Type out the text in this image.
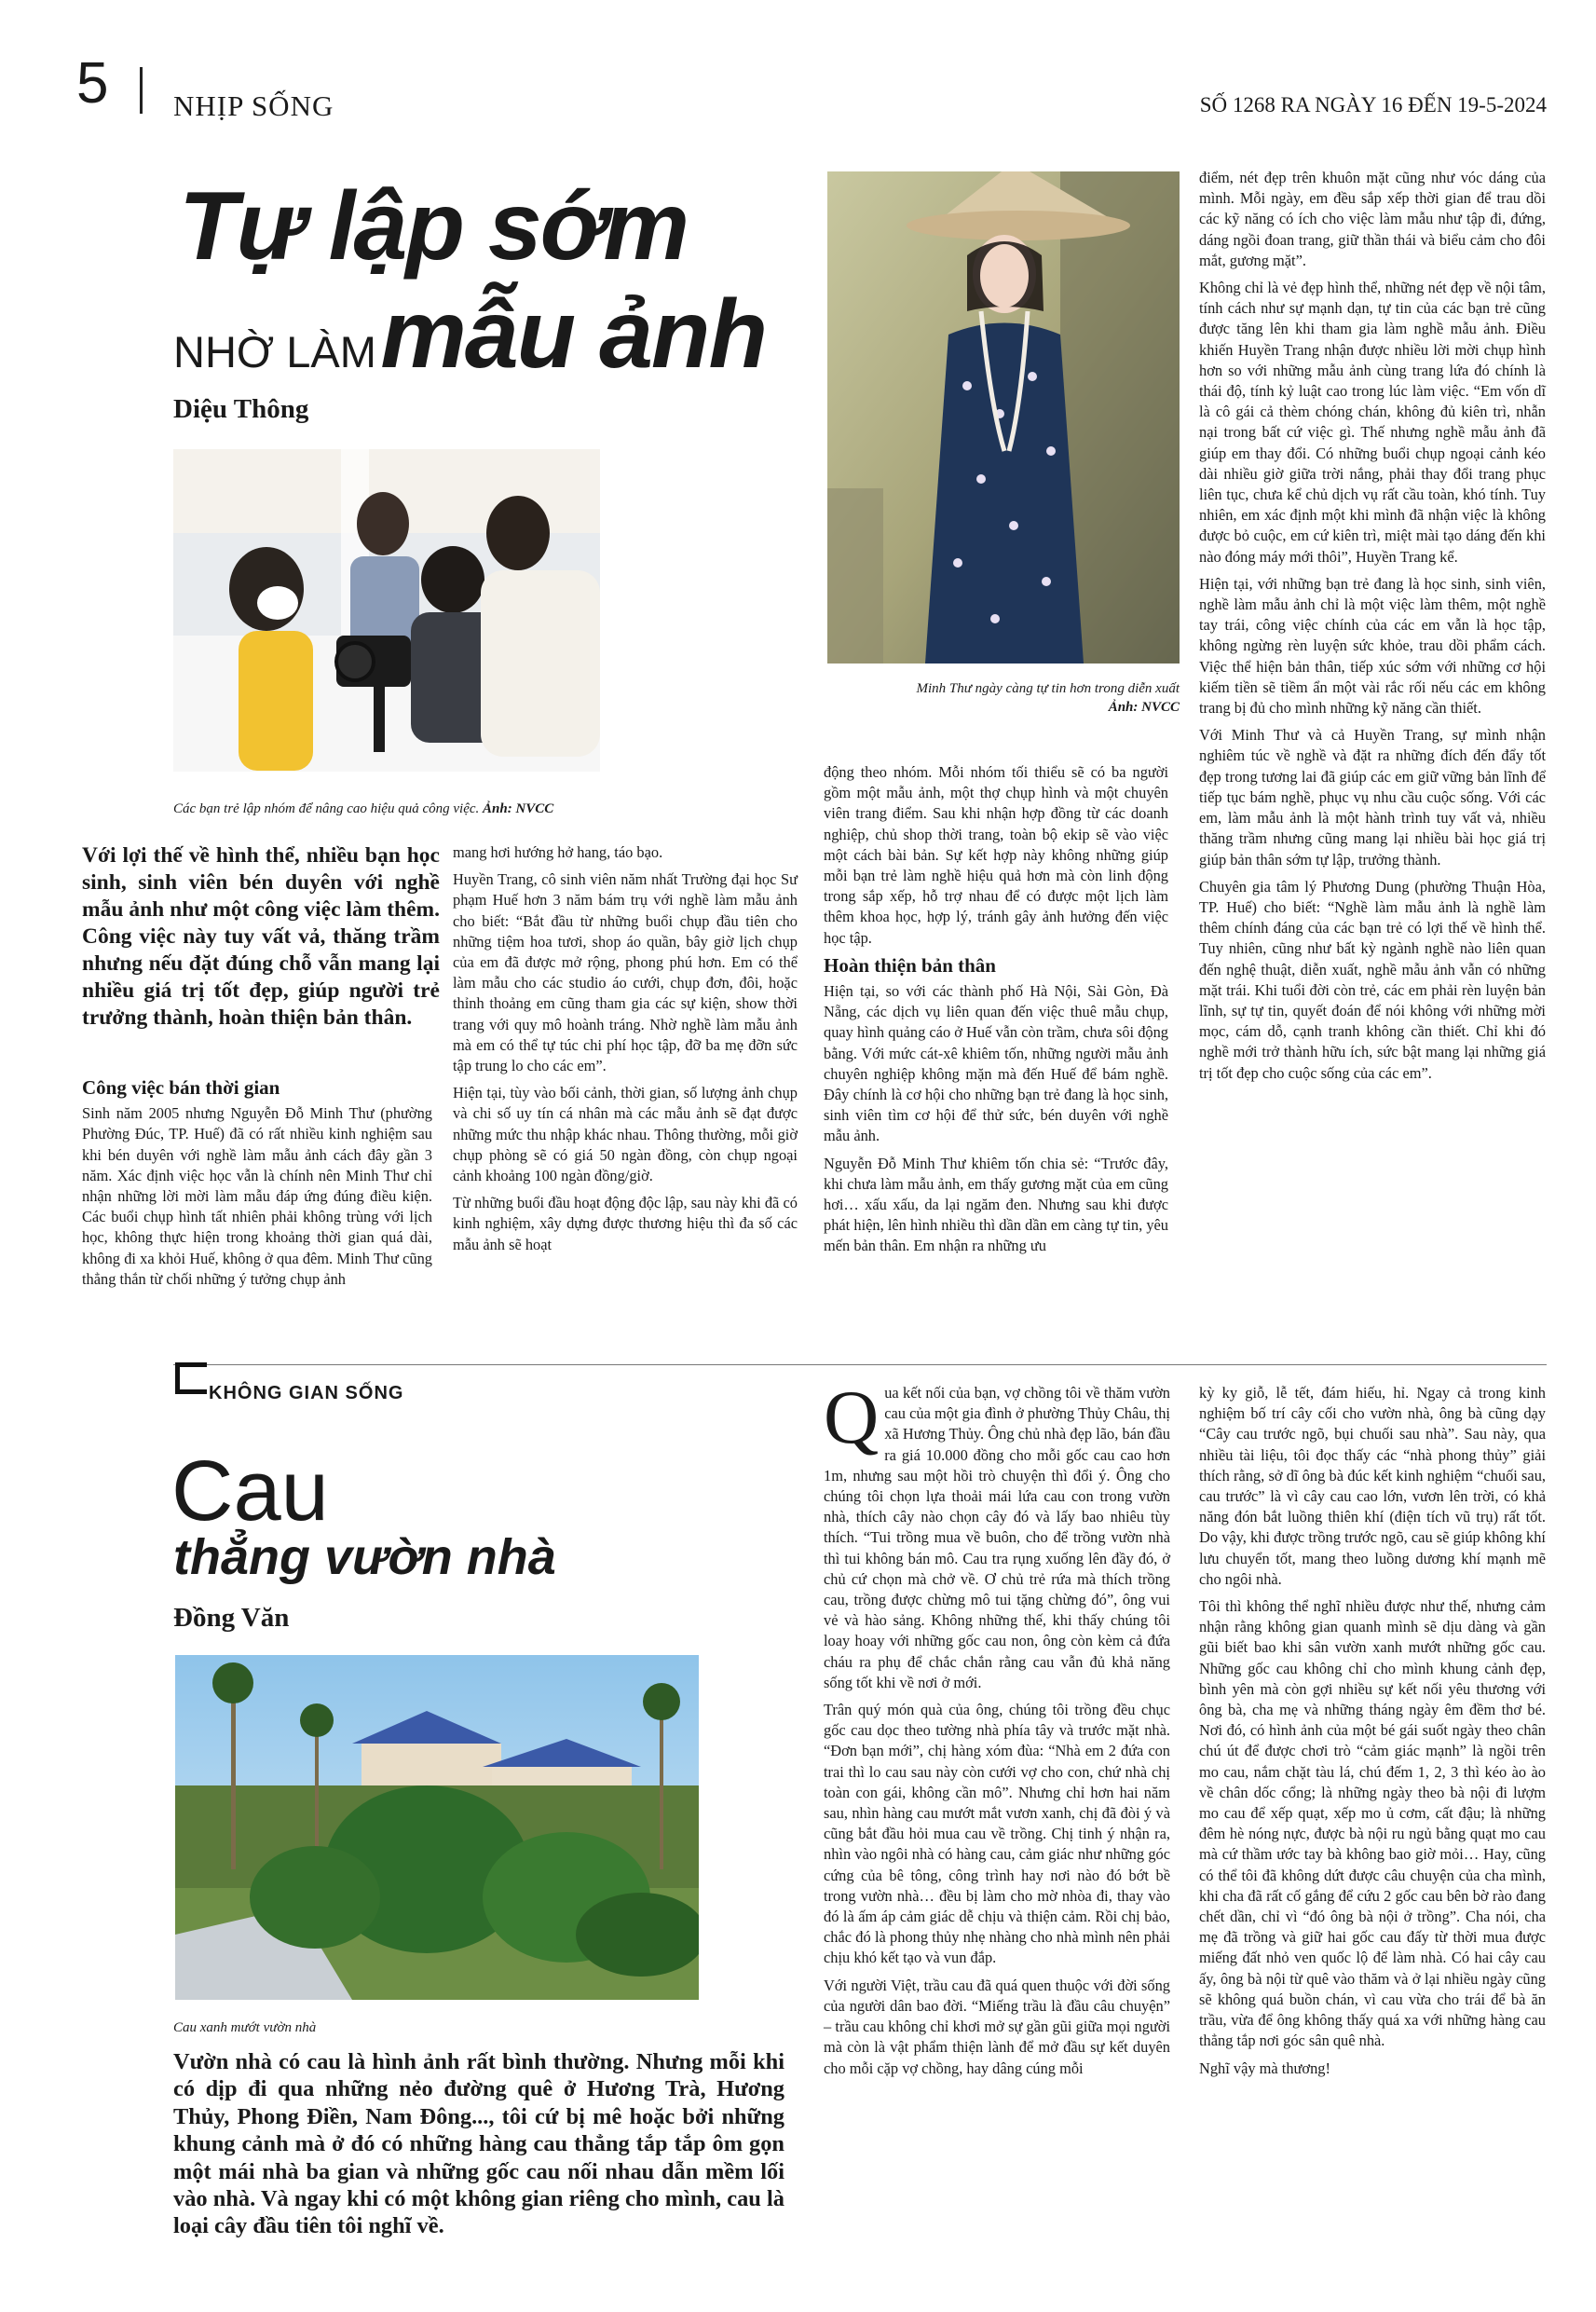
5 NHỊP SỐNG	SỐ 1268 RA NGÀY 16 ĐẾN 19-5-2024
Tự lập sớm
NHỜ LÀM mẫu ảnh
Diệu Thông
Các bạn trẻ lập nhóm để nâng cao hiệu quả công việc. Ảnh: NVCC
Minh Thư ngày càng tự tin hơn trong diễn xuất
Ảnh: NVCC
Với lợi thế về hình thể, nhiều bạn học sinh, sinh viên bén duyên với nghề mẫu ảnh như một công việc làm thêm. Công việc này tuy vất vả, thăng trầm nhưng nếu đặt đúng chỗ vẫn mang lại nhiều giá trị tốt đẹp, giúp người trẻ trưởng thành, hoàn thiện bản thân.
Công việc bán thời gian

Sinh năm 2005 nhưng Nguyễn Đỗ Minh Thư (phường Phường Đúc, TP. Huế) đã có rất nhiều kinh nghiệm sau khi bén duyên với nghề làm mẫu ảnh cách đây gần 3 năm. Xác định việc học vẫn là chính nên Minh Thư chỉ nhận những lời mời làm mẫu đáp ứng đúng điều kiện. Các buổi chụp hình tất nhiên phải không trùng với lịch học, không thực hiện trong khoảng thời gian quá dài, không đi xa khỏi Huế, không ở qua đêm. Minh Thư cũng thẳng thắn từ chối những ý tưởng chụp ảnh

mang hơi hướng hở hang, táo bạo.

Huyền Trang, cô sinh viên năm nhất Trường đại học Sư phạm Huế hơn 3 năm bám trụ với nghề làm mẫu ảnh cho biết: “Bắt đầu từ những buổi chụp đầu tiên cho những tiệm hoa tươi, shop áo quần, bây giờ lịch chụp của em đã được mở rộng, phong phú hơn. Em có thể làm mẫu cho các studio áo cưới, chụp đơn, đôi, hoặc thỉnh thoảng em cũng tham gia các sự kiện, show thời trang với quy mô hoành tráng. Nhờ nghề làm mẫu ảnh mà em có thể tự túc chi phí học tập, đỡ ba mẹ đỡn sức tập trung lo cho các em”.

Hiện tại, tùy vào bối cảnh, thời gian, số lượng ảnh chụp và chi số uy tín cá nhân mà các mẫu ảnh sẽ đạt được những mức thu nhập khác nhau. Thông thường, mỗi giờ chụp phòng sẽ có giá 50 ngàn đồng, còn chụp ngoại cảnh khoảng 100 ngàn đồng/giờ.

Từ những buổi đầu hoạt động độc lập, sau này khi đã có kinh nghiệm, xây dựng được thương hiệu thì đa số các mẫu ảnh sẽ hoạt

động theo nhóm. Mỗi nhóm tối thiểu sẽ có ba người gồm một mẫu ảnh, một thợ chụp hình và một chuyên viên trang điểm. Sau khi nhận hợp đồng từ các doanh nghiệp, chủ shop thời trang, toàn bộ ekip sẽ vào việc một cách bài bản. Sự kết hợp này không những giúp mỗi bạn trẻ làm nghề hiệu quả hơn mà còn linh động trong sắp xếp, hỗ trợ nhau để có được một lịch làm thêm khoa học, hợp lý, tránh gây ảnh hưởng đến việc học tập.

Hoàn thiện bản thân

Hiện tại, so với các thành phố Hà Nội, Sài Gòn, Đà Nẵng, các dịch vụ liên quan đến việc thuê mẫu chụp, quay hình quảng cáo ở Huế vẫn còn trầm, chưa sôi động bằng. Với mức cát-xê khiêm tốn, những người mẫu ảnh chuyên nghiệp không mặn mà đến Huế để bám nghề. Đây chính là cơ hội cho những bạn trẻ đang là học sinh, sinh viên tìm cơ hội để thử sức, bén duyên với nghề mẫu ảnh.

Nguyễn Đỗ Minh Thư khiêm tốn chia sẻ: “Trước đây, khi chưa làm mẫu ảnh, em thấy gương mặt của em cũng hơi… xấu xấu, da lại ngăm đen. Nhưng sau khi được phát hiện, lên hình nhiều thì dần dần em càng tự tin, yêu mến bản thân. Em nhận ra những ưu

điểm, nét đẹp trên khuôn mặt cũng như vóc dáng của mình. Mỗi ngày, em đều sắp xếp thời gian để trau dồi các kỹ năng có ích cho việc làm mẫu như tập đi, đứng, dáng ngồi đoan trang, giữ thần thái và biểu cảm cho đôi mắt, gương mặt”.

Không chỉ là vẻ đẹp hình thể, những nét đẹp về nội tâm, tính cách như sự mạnh dạn, tự tin của các bạn trẻ cũng được tăng lên khi tham gia làm nghề mẫu ảnh. Điều khiến Huyền Trang nhận được nhiều lời mời chụp hình hơn so với những mẫu ảnh cùng trang lứa đó chính là thái độ, tính kỷ luật cao trong lúc làm việc. “Em vốn dĩ là cô gái cả thèm chóng chán, không đủ kiên trì, nhẫn nại trong bất cứ việc gì. Thế nhưng nghề mẫu ảnh đã giúp em thay đổi. Có những buổi chụp ngoại cảnh kéo dài nhiều giờ giữa trời nắng, phải thay đổi trang phục liên tục, chưa kể chủ dịch vụ rất cầu toàn, khó tính. Tuy nhiên, em xác định một khi mình đã nhận việc là không được bỏ cuộc, em cứ kiên trì, miệt mài tạo dáng đến khi nào đóng máy mới thôi”, Huyền Trang kể.

Hiện tại, với những bạn trẻ đang là học sinh, sinh viên, nghề làm mẫu ảnh chỉ là một việc làm thêm, một nghề tay trái, công việc chính của các em vẫn là học tập, không ngừng rèn luyện sức khỏe, trau dồi phẩm cách. Việc thể hiện bản thân, tiếp xúc sớm với những cơ hội kiếm tiền sẽ tiềm ẩn một vài rắc rối nếu các em không trang bị đủ cho mình những kỹ năng cần thiết.

Với Minh Thư và cả Huyền Trang, sự mình nhận nghiêm túc về nghề và đặt ra những đích đến đẩy tốt đẹp trong tương lai đã giúp các em giữ vững bản lĩnh để tiếp tục bám nghề, phục vụ nhu cầu cuộc sống. Với các em, làm mẫu ảnh là một hành trình tuy vất vả, nhiều thăng trầm nhưng cũng mang lại nhiều bài học giá trị giúp bản thân sớm tự lập, trưởng thành.

Chuyên gia tâm lý Phương Dung (phường Thuận Hòa, TP. Huế) cho biết: “Nghề làm mẫu ảnh là nghề làm thêm chính đáng của các bạn trẻ có lợi thế về hình thể. Tuy nhiên, cũng như bất kỳ ngành nghề nào liên quan đến nghệ thuật, diễn xuất, nghề mẫu ảnh vẫn có những mặt trái. Khi tuổi đời còn trẻ, các em phải rèn luyện bản lĩnh, sự tự tin, quyết đoán để nói không với những mời mọc, cám dỗ, cạnh tranh không cần thiết. Chỉ khi đó nghề mới trở thành hữu ích, sức bật mang lại những giá trị tốt đẹp cho cuộc sống của các em”.

KHÔNG GIAN SỐNG
Cau
thẳng vườn nhà
Đồng Văn
Cau xanh mướt vườn nhà
Vườn nhà có cau là hình ảnh rất bình thường. Nhưng mỗi khi có dịp đi qua những nẻo đường quê ở Hương Trà, Hương Thủy, Phong Điền, Nam Đông..., tôi cứ bị mê hoặc bởi những khung cảnh mà ở đó có những hàng cau thẳng tắp tắp ôm gọn một mái nhà ba gian và những gốc cau nối nhau dẫn mềm lối vào nhà. Và ngay khi có một không gian riêng cho mình, cau là loại cây đầu tiên tôi nghĩ về.

Qua kết nối của bạn, vợ chồng tôi về thăm vườn cau của một gia đình ở phường Thủy Châu, thị xã Hương Thủy. Ông chủ nhà đẹp lão, bán đầu ra giá 10.000 đồng cho mỗi gốc cau cao hơn 1m, nhưng sau một hồi trò chuyện thì đổi ý. Ông cho chúng tôi chọn lựa thoải mái lứa cau con trong vườn nhà, thích cây nào chọn cây đó và lấy bao nhiêu tùy thích. “Tui trồng mua về buôn, cho để trồng vườn nhà thì tui không bán mô. Cau tra rụng xuống lên đầy đó, ở chủ cứ chọn mà chở về. Ơ chủ trẻ rứa mà thích trồng cau, trồng được chừng mô tui tặng chừng đó”, ông vui vẻ và hào sảng. Không những thế, khi thấy chúng tôi loay hoay với những gốc cau non, ông còn kèm cả đứa cháu ra phụ để chắc chắn rằng cau vẫn đủ khả năng sống tốt khi về nơi ở mới.

Trân quý món quà của ông, chúng tôi trồng đều chục gốc cau dọc theo tường nhà phía tây và trước mặt nhà. “Đơn bạn mới”, chị hàng xóm đùa: “Nhà em 2 đứa con trai thì lo cau sau này còn cưới vợ cho con, chứ nhà chị toàn con gái, không cần mô”. Nhưng chỉ hơn hai năm sau, nhìn hàng cau mướt mắt vươn xanh, chị đã đòi ý và cũng bắt đầu hỏi mua cau về trồng. Chị tinh ý nhận ra, nhìn vào ngôi nhà có hàng cau, cảm giác như những góc cứng của bê tông, công trình hay nơi nào đó bớt bề trong vườn nhà… đều bị làm cho mờ nhòa đi, thay vào đó là ấm áp cảm giác dễ chịu và thiện cảm. Rồi chị bảo, chắc đó là phong thủy nhẹ nhàng cho nhà mình nên phải chịu khó kết tạo và vun đắp.

Với người Việt, trầu cau đã quá quen thuộc với đời sống của người dân bao đời. “Miếng trầu là đầu câu chuyện” – trầu cau không chỉ khơi mở sự gần gũi giữa mọi người mà còn là vật phẩm thiện lành để mở đầu sự kết duyên cho mỗi cặp vợ chồng, hay dâng cúng mỗi

kỳ ky giỗ, lễ tết, đám hiếu, hỉ. Ngay cả trong kinh nghiệm bố trí cây cối cho vườn nhà, ông bà cũng dạy “Cây cau trước ngõ, bụi chuối sau nhà”. Sau này, qua nhiều tài liệu, tôi đọc thấy các “nhà phong thủy” giải thích rằng, sở dĩ ông bà đúc kết kinh nghiệm “chuối sau, cau trước” là vì cây cau cao lớn, vươn lên trời, có khả năng đón bắt luồng thiên khí (điện tích vũ trụ) rất tốt. Do vậy, khi được trồng trước ngõ, cau sẽ giúp không khí lưu chuyển tốt, mang theo luồng dương khí mạnh mẽ cho ngôi nhà.

Tôi thì không thể nghĩ nhiều được như thế, nhưng cảm nhận rằng không gian quanh mình sẽ dịu dàng và gần gũi biết bao khi sân vườn xanh mướt những gốc cau. Những gốc cau không chỉ cho mình khung cảnh đẹp, bình yên mà còn gợi nhiều sự kết nối yêu thương với ông bà, cha mẹ và những tháng ngày êm đềm thơ bé. Nơi đó, có hình ảnh của một bé gái suốt ngày theo chân chú út để được chơi trò “cảm giác mạnh” là ngồi trên mo cau, nắm chặt tàu lá, chú đếm 1, 2, 3 thì kéo ào ào về chân dốc cổng; là những ngày theo bà nội đi lượm mo cau để xếp quạt, xếp mo ủ cơm, cất đậu; là những đêm hè nóng nực, được bà nội ru ngủ bằng quạt mo cau mà cứ thầm ước tay bà không bao giờ mỏi… Hay, cũng có thể tôi đã không dứt được câu chuyện của cha mình, khi cha đã rất cố gắng để cứu 2 gốc cau bên bờ rào đang chết dần, chỉ vì “đó ông bà nội ở trồng”. Cha nói, cha mẹ đã trồng và giữ hai gốc cau đấy từ thời mua được miếng đất nhỏ ven quốc lộ để làm nhà. Có hai cây cau ấy, ông bà nội từ quê vào thăm và ở lại nhiều ngày cũng sẽ không quá buồn chán, vì cau vừa cho trái để bà ăn trầu, vừa để ông không thấy quá xa với những hàng cau thẳng tắp nơi góc sân quê nhà.

Nghĩ vậy mà thương!
